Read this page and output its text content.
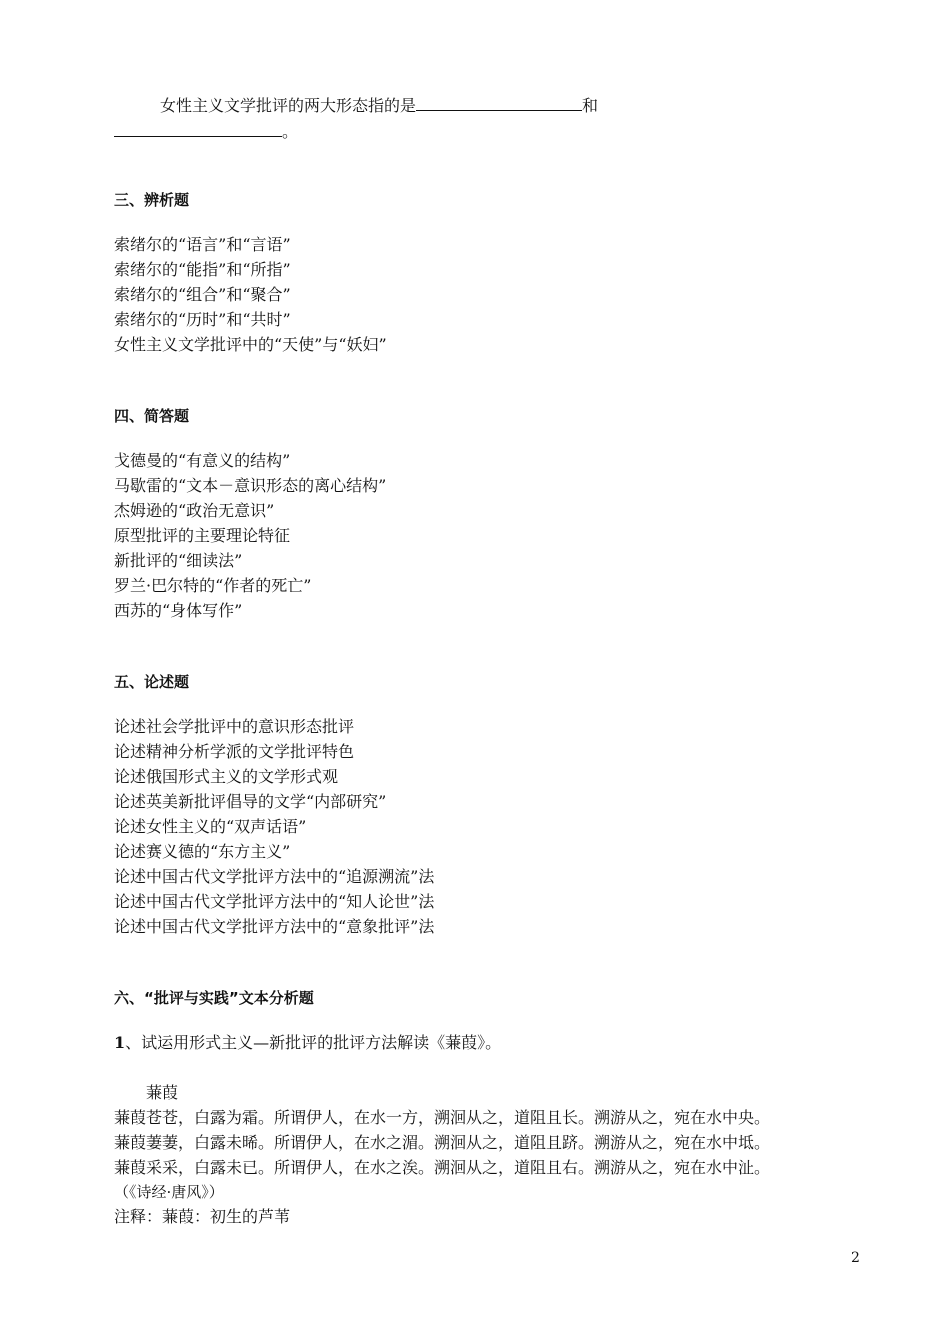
女性主义文学批评的两大形态指的是	和
。
三、辨析题
索绪尔的“语言”和“言语”
索绪尔的“能指”和“所指”
索绪尔的“组合”和“聚合”
索绪尔的“历时”和“共时”
女性主义文学批评中的“天使”与“妖妇”
四、简答题
戈德曼的“有意义的结构”
马歇雷的“文本－意识形态的离心结构”
杰姆逊的“政治无意识”
原型批评的主要理论特征
新批评的“细读法”
罗兰·巴尔特的“作者的死亡”
西苏的“身体写作”
五、论述题
论述社会学批评中的意识形态批评
论述精神分析学派的文学批评特色
论述俄国形式主义的文学形式观
论述英美新批评倡导的文学“内部研究”
论述女性主义的“双声话语”
论述赛义德的“东方主义”
论述中国古代文学批评方法中的“追源溯流”法
论述中国古代文学批评方法中的“知人论世”法
论述中国古代文学批评方法中的“意象批评”法
六、“批评与实践”文本分析题
1、试运用形式主义—新批评的批评方法解读《蒹葭》。
蒹葭
蒹葭苍苍，白露为霜。所谓伊人，在水一方，溯洄从之，道阻且长。溯游从之，宛在水中央。
蒹葭萋萋，白露未晞。所谓伊人，在水之湄。溯洄从之，道阻且跻。溯游从之，宛在水中坻。
蒹葭采采，白露未已。所谓伊人，在水之涘。溯洄从之，道阻且右。溯游从之，宛在水中沚。
（《诗经·唐风》）
注释：蒹葭：初生的芦苇
2
